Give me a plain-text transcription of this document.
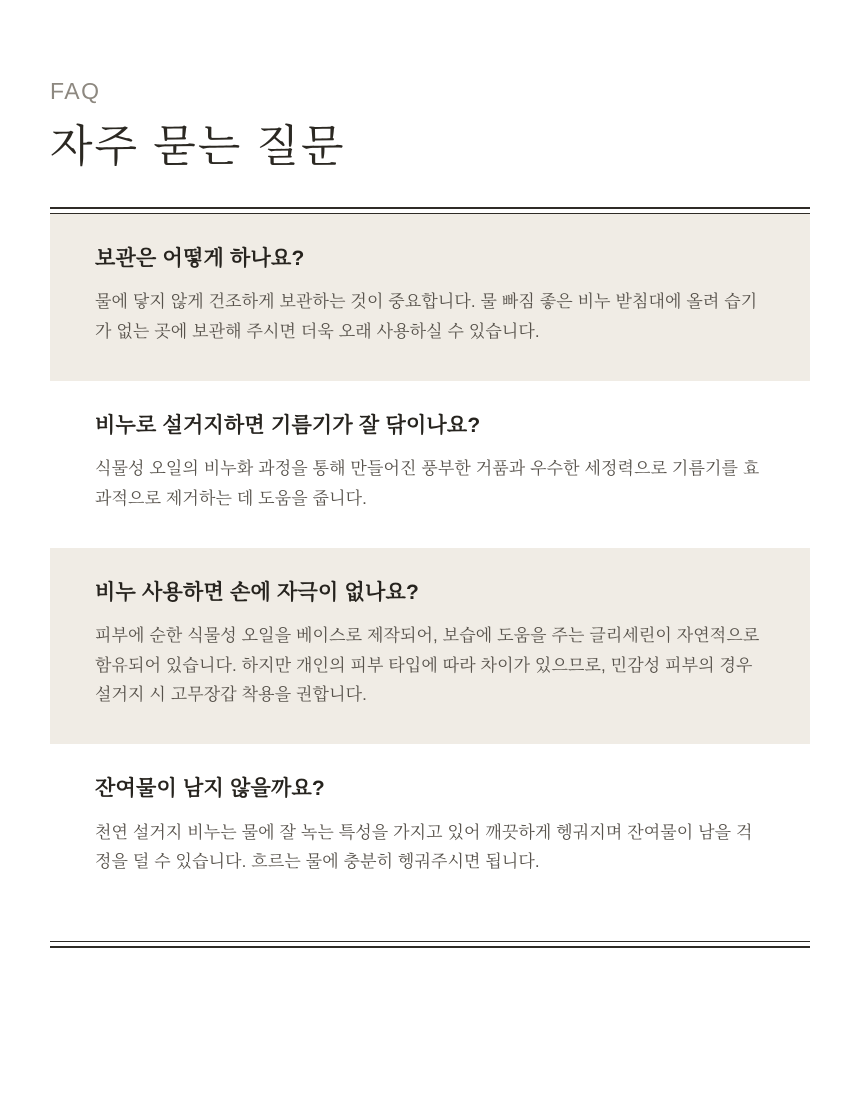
FAQ

자주 묻는 질문
보관은 어떻게 하나요?

물에 닿지 않게 건조하게 보관하는 것이 중요합니다. 물 빠짐 좋은 비누 받침대에 올려 습기가 없는 곳에 보관해 주시면 더욱 오래 사용하실 수 있습니다.

비누로 설거지하면 기름기가 잘 닦이나요?

식물성 오일의 비누화 과정을 통해 만들어진 풍부한 거품과 우수한 세정력으로 기름기를 효과적으로 제거하는 데 도움을 줍니다.

비누 사용하면 손에 자극이 없나요?

피부에 순한 식물성 오일을 베이스로 제작되어, 보습에 도움을 주는 글리세린이 자연적으로 함유되어 있습니다. 하지만 개인의 피부 타입에 따라 차이가 있으므로, 민감성 피부의 경우 설거지 시 고무장갑 착용을 권합니다.

잔여물이 남지 않을까요?

천연 설거지 비누는 물에 잘 녹는 특성을 가지고 있어 깨끗하게 헹궈지며 잔여물이 남을 걱정을 덜 수 있습니다. 흐르는 물에 충분히 헹궈주시면 됩니다.
